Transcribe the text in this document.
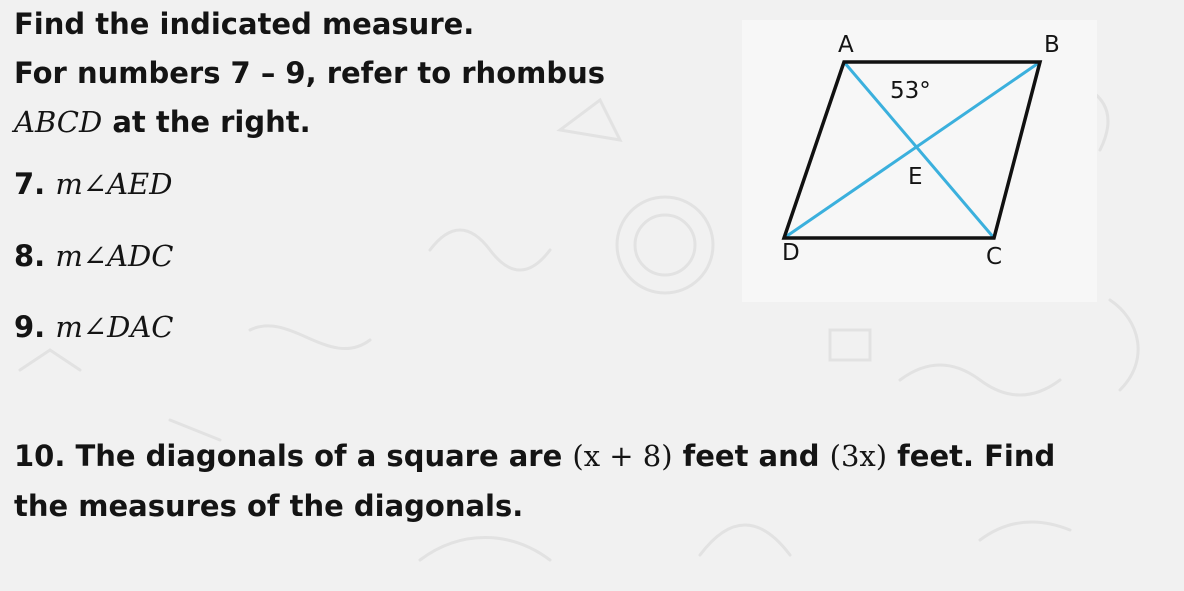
Find the indicated measure.

For numbers 7 – 9, refer to rhombus

ABCD at the right.

7. m∠AED

8. m∠ADC

9. m∠DAC

10. The diagonals of a square are (x + 8) feet and (3x) feet. Find

the measures of the diagonals.

A	B
C
D
E
53°
